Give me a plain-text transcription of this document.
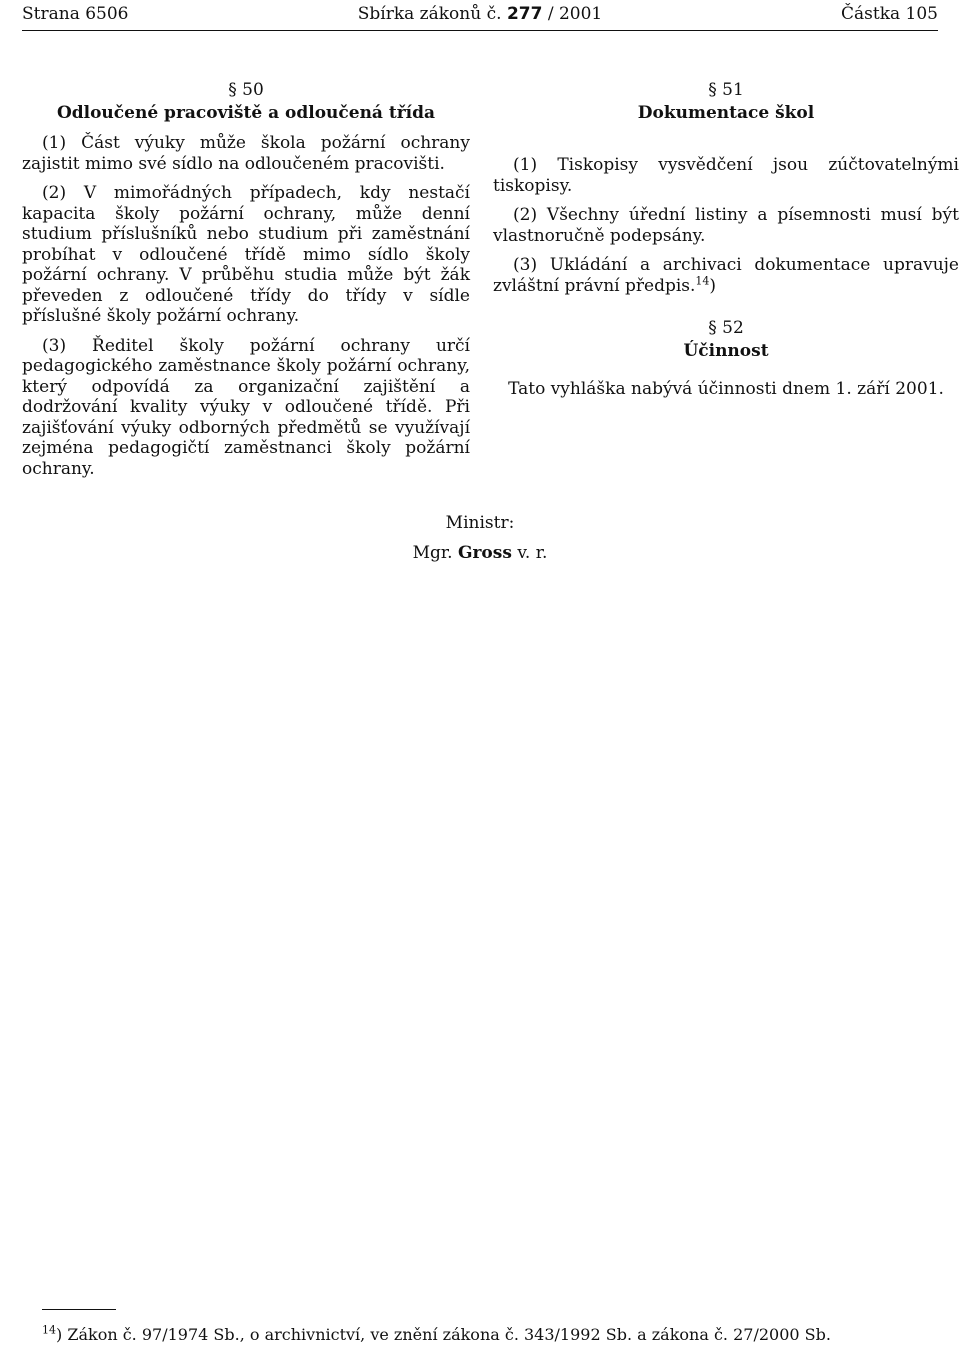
Strana 6506	Sbírka zákonů č. 277 / 2001	Částka 105
§ 50
Odloučené pracoviště a odloučená třída

(1) Část výuky může škola požární ochrany zajistit mimo své sídlo na odloučeném pracovišti.

(2) V mimořádných případech, kdy nestačí kapacita školy požární ochrany, může denní studium příslušníků nebo studium při zaměstnání probíhat v odloučené třídě mimo sídlo školy požární ochrany. V průběhu studia může být žák převeden z odloučené třídy do třídy v sídle příslušné školy požární ochrany.

(3) Ředitel školy požární ochrany určí pedagogického zaměstnance školy požární ochrany, který odpovídá za organizační zajištění a dodržování kvality výuky v odloučené třídě. Při zajišťování výuky odborných předmětů se využívají zejména pedagogičtí zaměstnanci školy požární ochrany.

§ 51
Dokumentace škol

(1) Tiskopisy vysvědčení jsou zúčtovatelnými tiskopisy.

(2) Všechny úřední listiny a písemnosti musí být vlastnoručně podepsány.

(3) Ukládání a archivaci dokumentace upravuje zvláštní právní předpis.$^{14}$)

§ 52
Účinnost

Tato vyhláška nabývá účinnosti dnem 1. září 2001.

Ministr:
Mgr. Gross v. r.
$^{14}$) Zákon č. 97/1974 Sb., o archivnictví, ve znění zákona č. 343/1992 Sb. a zákona č. 27/2000 Sb.
